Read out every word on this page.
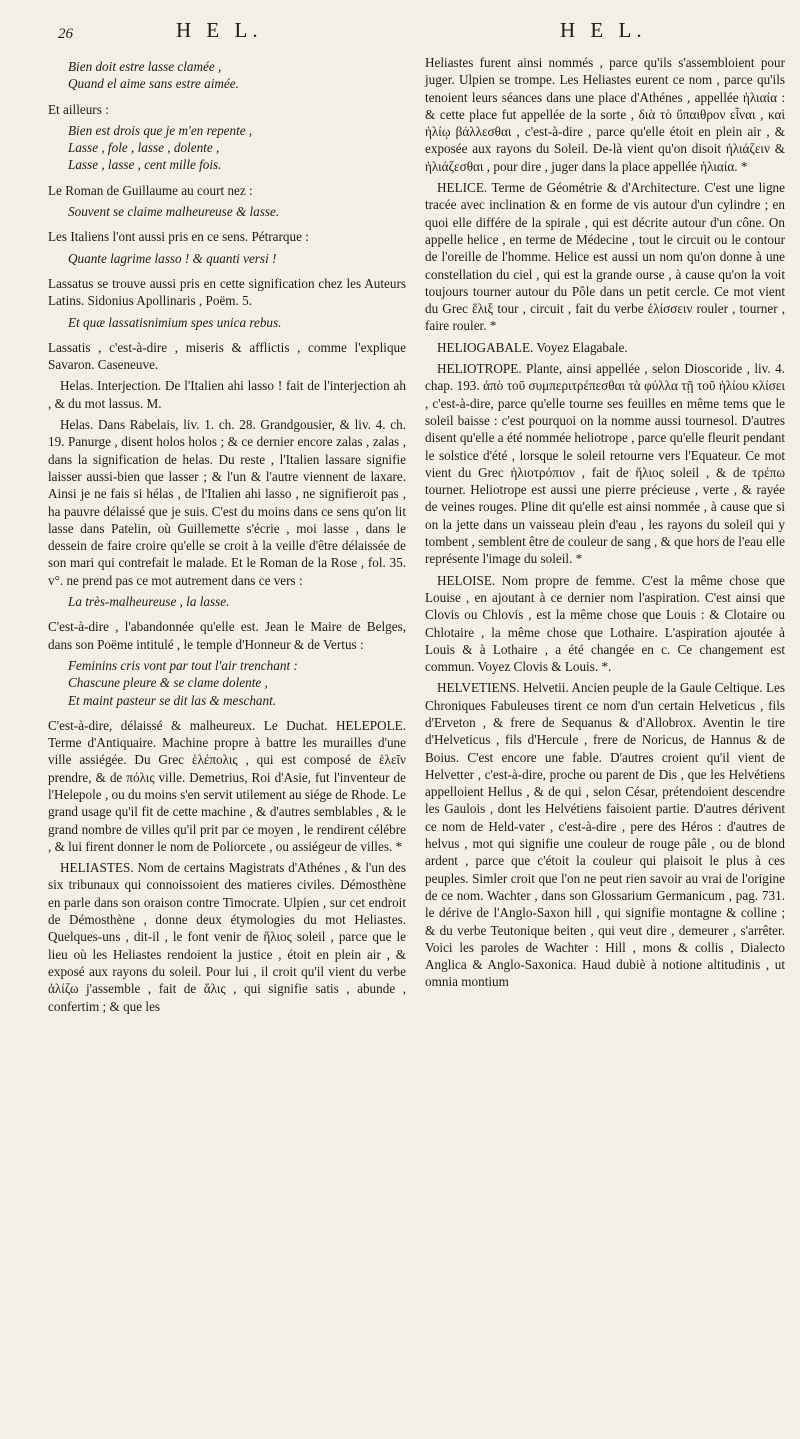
26	H E L.	H E L.
Bien doit estre lasse clamée ,
Quand el aime sans estre aimée.

Et ailleurs :

Bien est drois que je m'en repente ,
Lasse , fole , lasse , dolente ,
Lasse , lasse , cent mille fois.

Le Roman de Guillaume au court nez :

Souvent se claime malheureuse & lasse.

Les Italiens l'ont aussi pris en ce sens. Pétrarque :

Quante lagrime lasso ! & quanti versi !

Lassatus se trouve aussi pris en cette signification chez les Auteurs Latins. Sidonius Apollinaris , Poëm. 5.

Et quæ lassatisnimium spes unica rebus.

Lassatis , c'est-à-dire , miseris & afflictis , comme l'explique Savaron. Caseneuve.

Helas. Interjection. De l'Italien ahi lasso ! fait de l'interjection ah , & du mot lassus. M.

Helas. Dans Rabelais, liv. 1. ch. 28. Grandgousier, & liv. 4. ch. 19. Panurge , disent holos holos ; & ce dernier encore zalas , zalas , dans la signification de helas. Du reste , l'Italien lassare signifie laisser aussi-bien que lasser ; & l'un & l'autre viennent de laxare. Ainsi je ne fais si hélas , de l'Italien ahi lasso , ne signifieroit pas , ha pauvre délaissé que je suis. C'est du moins dans ce sens qu'on lit lasse dans Patelin, où Guillemette s'écrie , moi lasse , dans le dessein de faire croire qu'elle se croit à la veille d'être délaissée de son mari qui contrefait le malade. Et le Roman de la Rose , fol. 35. v°. ne prend pas ce mot autrement dans ce vers :

La très-malheureuse , la lasse.

C'est-à-dire , l'abandonnée qu'elle est. Jean le Maire de Belges, dans son Poëme intitulé , le temple d'Honneur & de Vertus :

Feminins cris vont par tout l'air trenchant :
Chascune pleure & se clame dolente ,
Et maint pasteur se dit las & meschant.

C'est-à-dire, délaissé & malheureux. Le Duchat. HELEPOLE. Terme d'Antiquaire. Machine propre à battre les murailles d'une ville assiégée. Du Grec ἑλέπολις , qui est composé de ἑλεῖν prendre, & de πόλις ville. Demetrius, Roi d'Asie, fut l'inventeur de l'Helepole , ou du moins s'en servit utilement au siége de Rhode. Le grand usage qu'il fit de cette machine , & d'autres semblables , & le grand nombre de villes qu'il prit par ce moyen , le rendirent célébre , & lui firent donner le nom de Poliorcete , ou assiégeur de villes. *

HELIASTES. Nom de certains Magistrats d'Athénes , & l'un des six tribunaux qui connoissoient des matieres civiles. Démosthène en parle dans son oraison contre Timocrate. Ulpien , sur cet endroit de Démosthène , donne deux étymologies du mot Heliastes. Quelques-uns , dit-il , le font venir de ἥλιος soleil , parce que le lieu où les Heliastes rendoient la justice , étoit en plein air , & exposé aux rayons du soleil. Pour lui , il croit qu'il vient du verbe ἁλίζω j'assemble , fait de ἅλις , qui signifie satis , abunde , confertim ; & que les

Heliastes furent ainsi nommés , parce qu'ils s'assembloient pour juger. Ulpien se trompe. Les Heliastes eurent ce nom , parce qu'ils tenoient leurs séances dans une place d'Athénes , appellée ἡλιαία : & cette place fut appellée de la sorte , διὰ τὸ ὕπαιθρον εἶναι , καὶ ἡλίῳ βάλλεσθαι , c'est-à-dire , parce qu'elle étoit en plein air , & exposée aux rayons du Soleil. De-là vient qu'on disoit ἡλιάζειν & ἡλιάζεσθαι , pour dire , juger dans la place appellée ἡλιαία. *

HELICE. Terme de Géométrie & d'Architecture. C'est une ligne tracée avec inclination & en forme de vis autour d'un cylindre ; en quoi elle différe de la spirale , qui est décrite autour d'un cône. On appelle helice , en terme de Médecine , tout le circuit ou le contour de l'oreille de l'homme. Helice est aussi un nom qu'on donne à une constellation du ciel , qui est la grande ourse , à cause qu'on la voit toujours tourner autour du Pôle dans un petit cercle. Ce mot vient du Grec ἕλιξ tour , circuit , fait du verbe ἑλίσσειν rouler , tourner , faire rouler. *

HELIOGABALE. Voyez Elagabale.

HELIOTROPE. Plante, ainsi appellée , selon Dioscoride , liv. 4. chap. 193. ἀπὸ τοῦ συμπεριτρέπεσθαι τὰ φύλλα τῇ τοῦ ἡλίου κλίσει , c'est-à-dire, parce qu'elle tourne ses feuilles en même tems que le soleil baisse : c'est pourquoi on la nomme aussi tournesol. D'autres disent qu'elle a été nommée heliotrope , parce qu'elle fleurit pendant le solstice d'été , lorsque le soleil retourne vers l'Equateur. Ce mot vient du Grec ἡλιοτρόπιον , fait de ἥλιος soleil , & de τρέπω tourner. Heliotrope est aussi une pierre précieuse , verte , & rayée de veines rouges. Pline dit qu'elle est ainsi nommée , à cause que si on la jette dans un vaisseau plein d'eau , les rayons du soleil qui y tombent , semblent être de couleur de sang , & que hors de l'eau elle représente l'image du soleil. *

HELOISE. Nom propre de femme. C'est la même chose que Louise , en ajoutant à ce dernier nom l'aspiration. C'est ainsi que Clovis ou Chlovis , est la même chose que Louis : & Clotaire ou Chlotaire , la même chose que Lothaire. L'aspiration ajoutée à Louis & à Lothaire , a été changée en c. Ce changement est commun. Voyez Clovis & Louis. *.

HELVETIENS. Helvetii. Ancien peuple de la Gaule Celtique. Les Chroniques Fabuleuses tirent ce nom d'un certain Helveticus , fils d'Erveton , & frere de Sequanus & d'Allobrox. Aventin le tire d'Helveticus , fils d'Hercule , frere de Noricus, de Hannus & de Boius. C'est encore une fable. D'autres croient qu'il vient de Helvetter , c'est-à-dire, proche ou parent de Dis , que les Helvétiens appelloient Hellus , & de qui , selon César, prétendoient descendre les Gaulois , dont les Helvétiens faisoient partie. D'autres dérivent ce nom de Held-vater , c'est-à-dire , pere des Héros : d'autres de helvus , mot qui signifie une couleur de rouge pâle , ou de blond ardent , parce que c'étoit la couleur qui plaisoit le plus à ces peuples. Simler croit que l'on ne peut rien savoir au vrai de l'origine de ce nom. Wachter , dans son Glossarium Germanicum , pag. 731. le dérive de l'Anglo-Saxon hill , qui signifie montagne & colline ; & du verbe Teutonique beiten , qui veut dire , demeurer , s'arrêter. Voici les paroles de Wachter : Hill , mons & collis , Dialecto Anglica & Anglo-Saxonica. Haud dubiè à notione altitudinis , ut omnia montium
